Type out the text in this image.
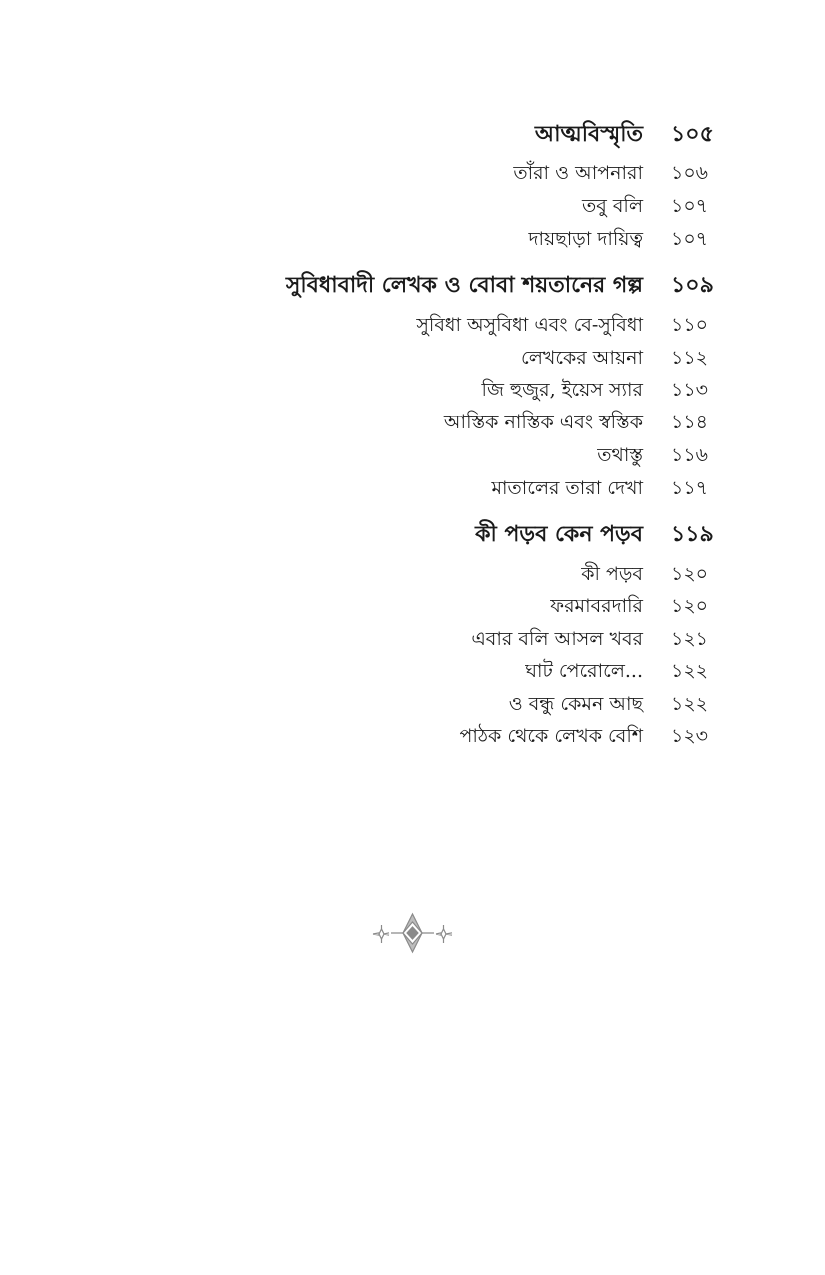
আত্মবিস্মৃতি ১০৫
তাঁরা ও আপনারা ১০৬
তবু বলি ১০৭
দায়ছাড়া দায়িত্ব ১০৭
সুবিধাবাদী লেখক ও বোবা শয়তানের গল্প ১০৯
সুবিধা অসুবিধা এবং বে-সুবিধা ১১০
লেখকের আয়না ১১২
জি হুজুর, ইয়েস স্যার ১১৩
আস্তিক নাস্তিক এবং স্বস্তিক ১১৪
তথাস্তু ১১৬
মাতালের তারা দেখা ১১৭
কী পড়ব কেন পড়ব ১১৯
কী পড়ব ১২০
ফরমাবরদারি ১২০
এবার বলি আসল খবর ১২১
ঘাট পেরোলে... ১২২
ও বন্ধু কেমন আছ ১২২
পাঠক থেকে লেখক বেশি ১২৩
